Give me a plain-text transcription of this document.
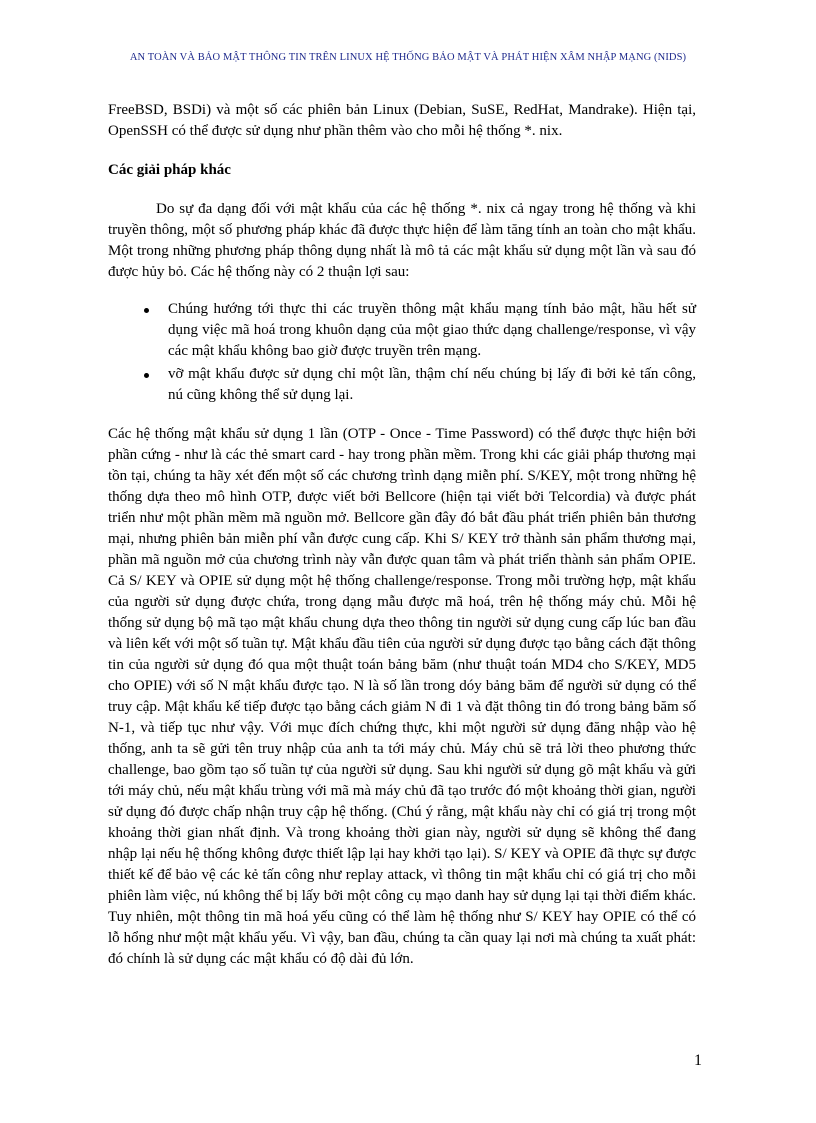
AN TOÀN VÀ BẢO MẬT THÔNG TIN TRÊN LINUX HỆ THỐNG BẢO MẬT VÀ PHÁT HIỆN XÂM NHẬP MẠNG (NIDS)

FreeBSD, BSDi) và một số các phiên bản Linux (Debian, SuSE, RedHat, Mandrake). Hiện tại, OpenSSH có thể được sử dụng như phần thêm vào cho mỗi hệ thống *. nix.

Các giải pháp khác

Do sự đa dạng đối với mật khẩu của các hệ thống *. nix cả ngay trong hệ thống và khi truyền thông, một số phương pháp khác đã được thực hiện để làm tăng tính an toàn cho mật khẩu. Một trong những phương pháp thông dụng nhất là mô tả các mật khẩu sử dụng một lần và sau đó được hủy bỏ. Các hệ thống này có 2 thuận lợi sau:

Chúng hướng tới thực thi các truyền thông mật khẩu mạng tính bảo mật, hầu hết sử dụng việc mã hoá trong khuôn dạng của một giao thức dạng challenge/response, vì vậy các mật khẩu không bao giờ được truyền trên mạng.
vỡ mật khẩu được sử dụng chỉ một lần, thậm chí nếu chúng bị lấy đi bởi kẻ tấn công, nú cũng không thể sử dụng lại.

Các hệ thống mật khẩu sử dụng 1 lần (OTP - Once - Time Password) có thể được thực hiện bởi phần cứng - như là các thẻ smart card - hay trong phần mềm. Trong khi các giải pháp thương mại tồn tại, chúng ta hãy xét đến một số các chương trình dạng miễn phí. S/KEY, một trong những hệ thống dựa theo mô hình OTP, được viết bởi Bellcore (hiện tại viết bởi Telcordia) và được phát triển như một phần mềm mã nguồn mở. Bellcore gần đây đó bắt đầu phát triển phiên bản thương mại, nhưng phiên bản miễn phí vẫn được cung cấp. Khi S/ KEY trở thành sản phẩm thương mại, phần mã nguồn mở của chương trình này vẫn được quan tâm và phát triển thành sản phẩm OPIE. Cả S/ KEY và OPIE sử dụng một hệ thống challenge/response. Trong mỗi trường hợp, mật khẩu của người sử dụng được chứa, trong dạng mẫu được mã hoá, trên hệ thống máy chủ. Mỗi hệ thống sử dụng bộ mã tạo mật khẩu chung dựa theo thông tin người sử dụng cung cấp lúc ban đầu và liên kết với một số tuần tự. Mật khẩu đầu tiên của người sử dụng được tạo bằng cách đặt thông tin của người sử dụng đó qua một thuật toán bảng băm (như thuật toán MD4 cho S/KEY, MD5 cho OPIE) với số N mật khẩu được tạo. N là số lần trong dóy bảng băm để người sử dụng có thể truy cập. Mật khẩu kế tiếp được tạo bằng cách giảm N đi 1 và đặt thông tin đó trong bảng băm số N-1, và tiếp tục như vậy. Với mục đích chứng thực, khi một người sử dụng đăng nhập vào hệ thống, anh ta sẽ gửi tên truy nhập của anh ta tới máy chủ. Máy chủ sẽ trả lời theo phương thức challenge, bao gồm tạo số tuần tự của người sử dụng. Sau khi người sử dụng gõ mật khẩu và gửi tới máy chủ, nếu mật khẩu trùng với mã mà máy chủ đã tạo trước đó một khoảng thời gian, người sử dụng đó được chấp nhận truy cập hệ thống. (Chú ý rằng, mật khẩu này chỉ có giá trị trong một khoảng thời gian nhất định. Và trong khoảng thời gian này, người sử dụng sẽ không thể đang nhập lại nếu hệ thống không được thiết lập lại hay khởi tạo lại). S/ KEY và OPIE đã thực sự được thiết kế để bảo vệ các kẻ tấn công như replay attack, vì thông tin mật khẩu chỉ có giá trị cho mỗi phiên làm việc, nú không thể bị lấy bởi một công cụ mạo danh hay sử dụng lại tại thời điểm khác. Tuy nhiên, một thông tin mã hoá yếu cũng có thể làm hệ thống như S/ KEY hay OPIE có thể có lỗ hổng như một mật khẩu yếu. Vì vậy, ban đầu, chúng ta cần quay lại nơi mà chúng ta xuất phát: đó chính là sử dụng các mật khẩu có độ dài đủ lớn.

1
